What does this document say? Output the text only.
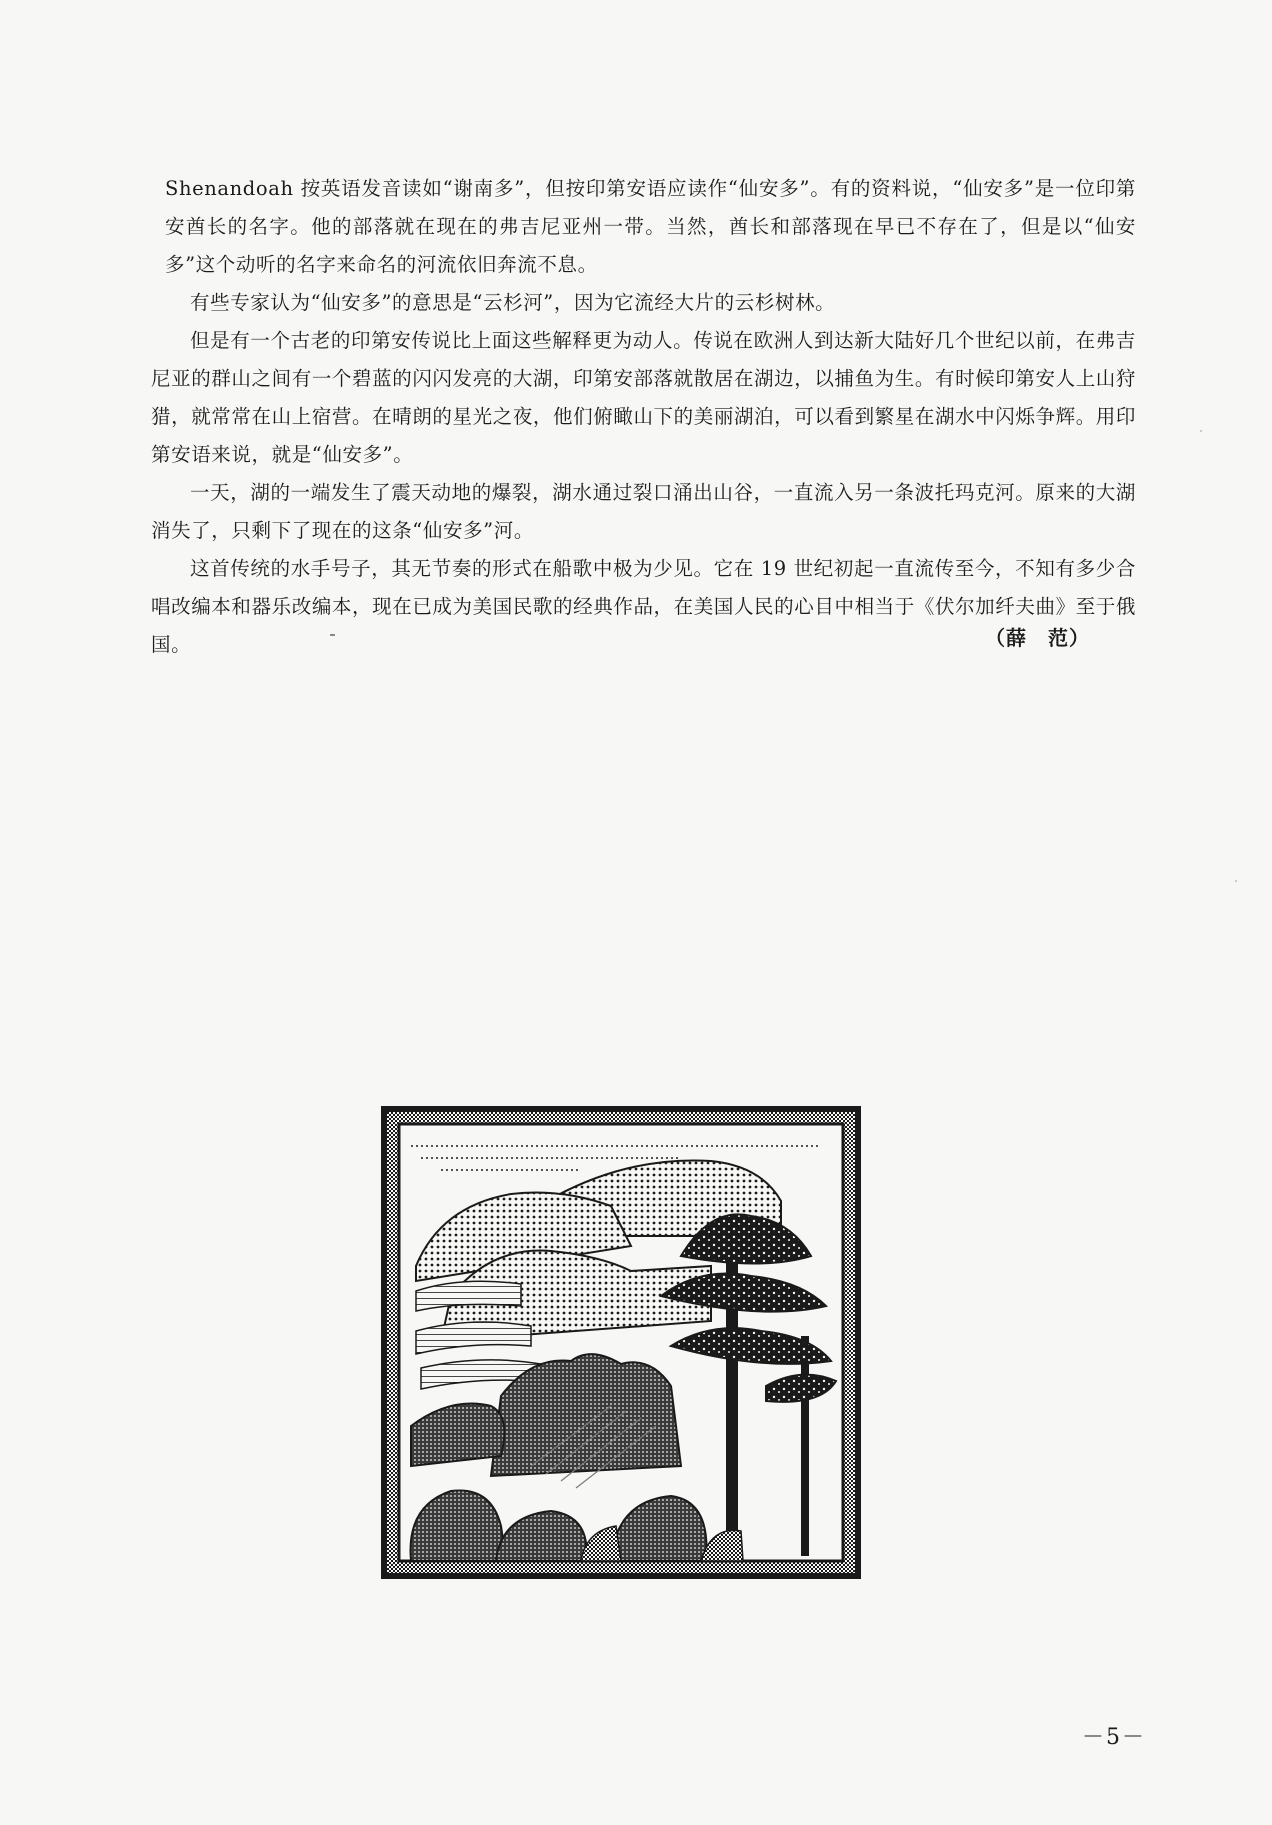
Shenandoah 按英语发音读如“谢南多”，但按印第安语应读作“仙安多”。有的资料说，“仙安多”是一位印第安酋长的名字。他的部落就在现在的弗吉尼亚州一带。当然，酋长和部落现在早已不存在了，但是以“仙安多”这个动听的名字来命名的河流依旧奔流不息。

有些专家认为“仙安多”的意思是“云杉河”，因为它流经大片的云杉树林。

但是有一个古老的印第安传说比上面这些解释更为动人。传说在欧洲人到达新大陆好几个世纪以前，在弗吉尼亚的群山之间有一个碧蓝的闪闪发亮的大湖，印第安部落就散居在湖边，以捕鱼为生。有时候印第安人上山狩猎，就常常在山上宿营。在晴朗的星光之夜，他们俯瞰山下的美丽湖泊，可以看到繁星在湖水中闪烁争辉。用印第安语来说，就是“仙安多”。

一天，湖的一端发生了震天动地的爆裂，湖水通过裂口涌出山谷，一直流入另一条波托玛克河。原来的大湖消失了，只剩下了现在的这条“仙安多”河。

这首传统的水手号子，其无节奏的形式在船歌中极为少见。它在 19 世纪初起一直流传至今，不知有多少合唱改编本和器乐改编本，现在已成为美国民歌的经典作品，在美国人民的心目中相当于《伏尔加纤夫曲》至于俄国。	（薛　范）
－5－
